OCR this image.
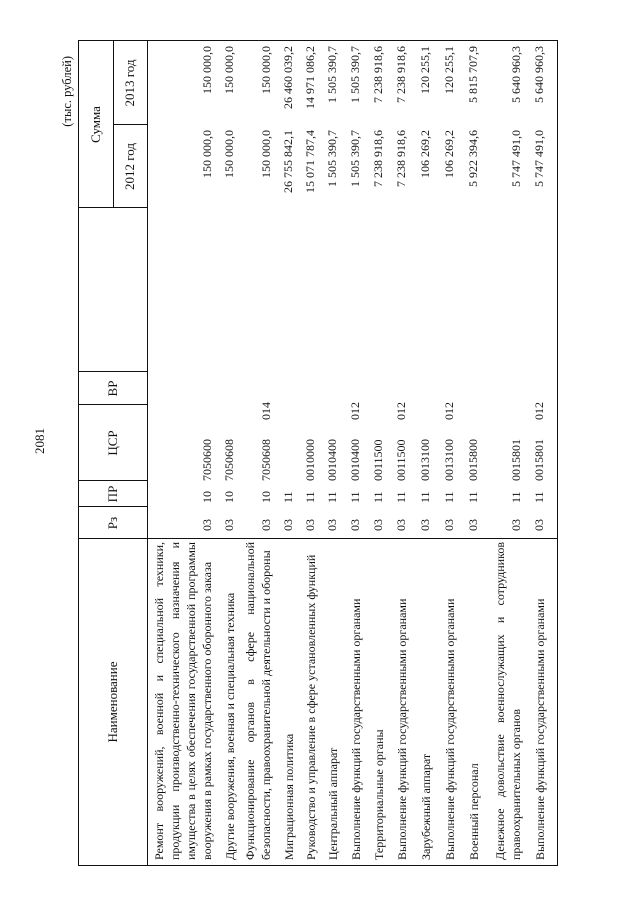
2081
(тыс. рублей)
Наименование
Рз
ПР
ЦСР
ВР
Сумма
2012 год
2013 год
Ремонт вооружений, военной и специальной техники, продукции производственно-технического назначения и имущества в целях обеспечения государственной программы вооружения в рамках государственного оборонного заказа
03
10
7050600
150 000,0
150 000,0
Другие вооружения, военная и специальная техника
03
10
7050608
150 000,0
150 000,0
Функционирование органов в сфере национальной безопасности, правоохранительной деятельности и обороны
03
10
7050608
014
150 000,0
150 000,0
Миграционная политика
03
11
26 755 842,1
26 460 039,2
Руководство и управление в сфере установленных функций
03
11
0010000
15 071 787,4
14 971 086,2
Центральный аппарат
03
11
0010400
1 505 390,7
1 505 390,7
Выполнение функций государственными органами
03
11
0010400
012
1 505 390,7
1 505 390,7
Территориальные органы
03
11
0011500
7 238 918,6
7 238 918,6
Выполнение функций государственными органами
03
11
0011500
012
7 238 918,6
7 238 918,6
Зарубежный аппарат
03
11
0013100
106 269,2
120 255,1
Выполнение функций государственными органами
03
11
0013100
012
106 269,2
120 255,1
Военный персонал
03
11
0015800
5 922 394,6
5 815 707,9
Денежное довольствие военнослужащих и сотрудников правоохранительных органов
03
11
0015801
5 747 491,0
5 640 960,3
Выполнение функций государственными органами
03
11
0015801
012
5 747 491,0
5 640 960,3
